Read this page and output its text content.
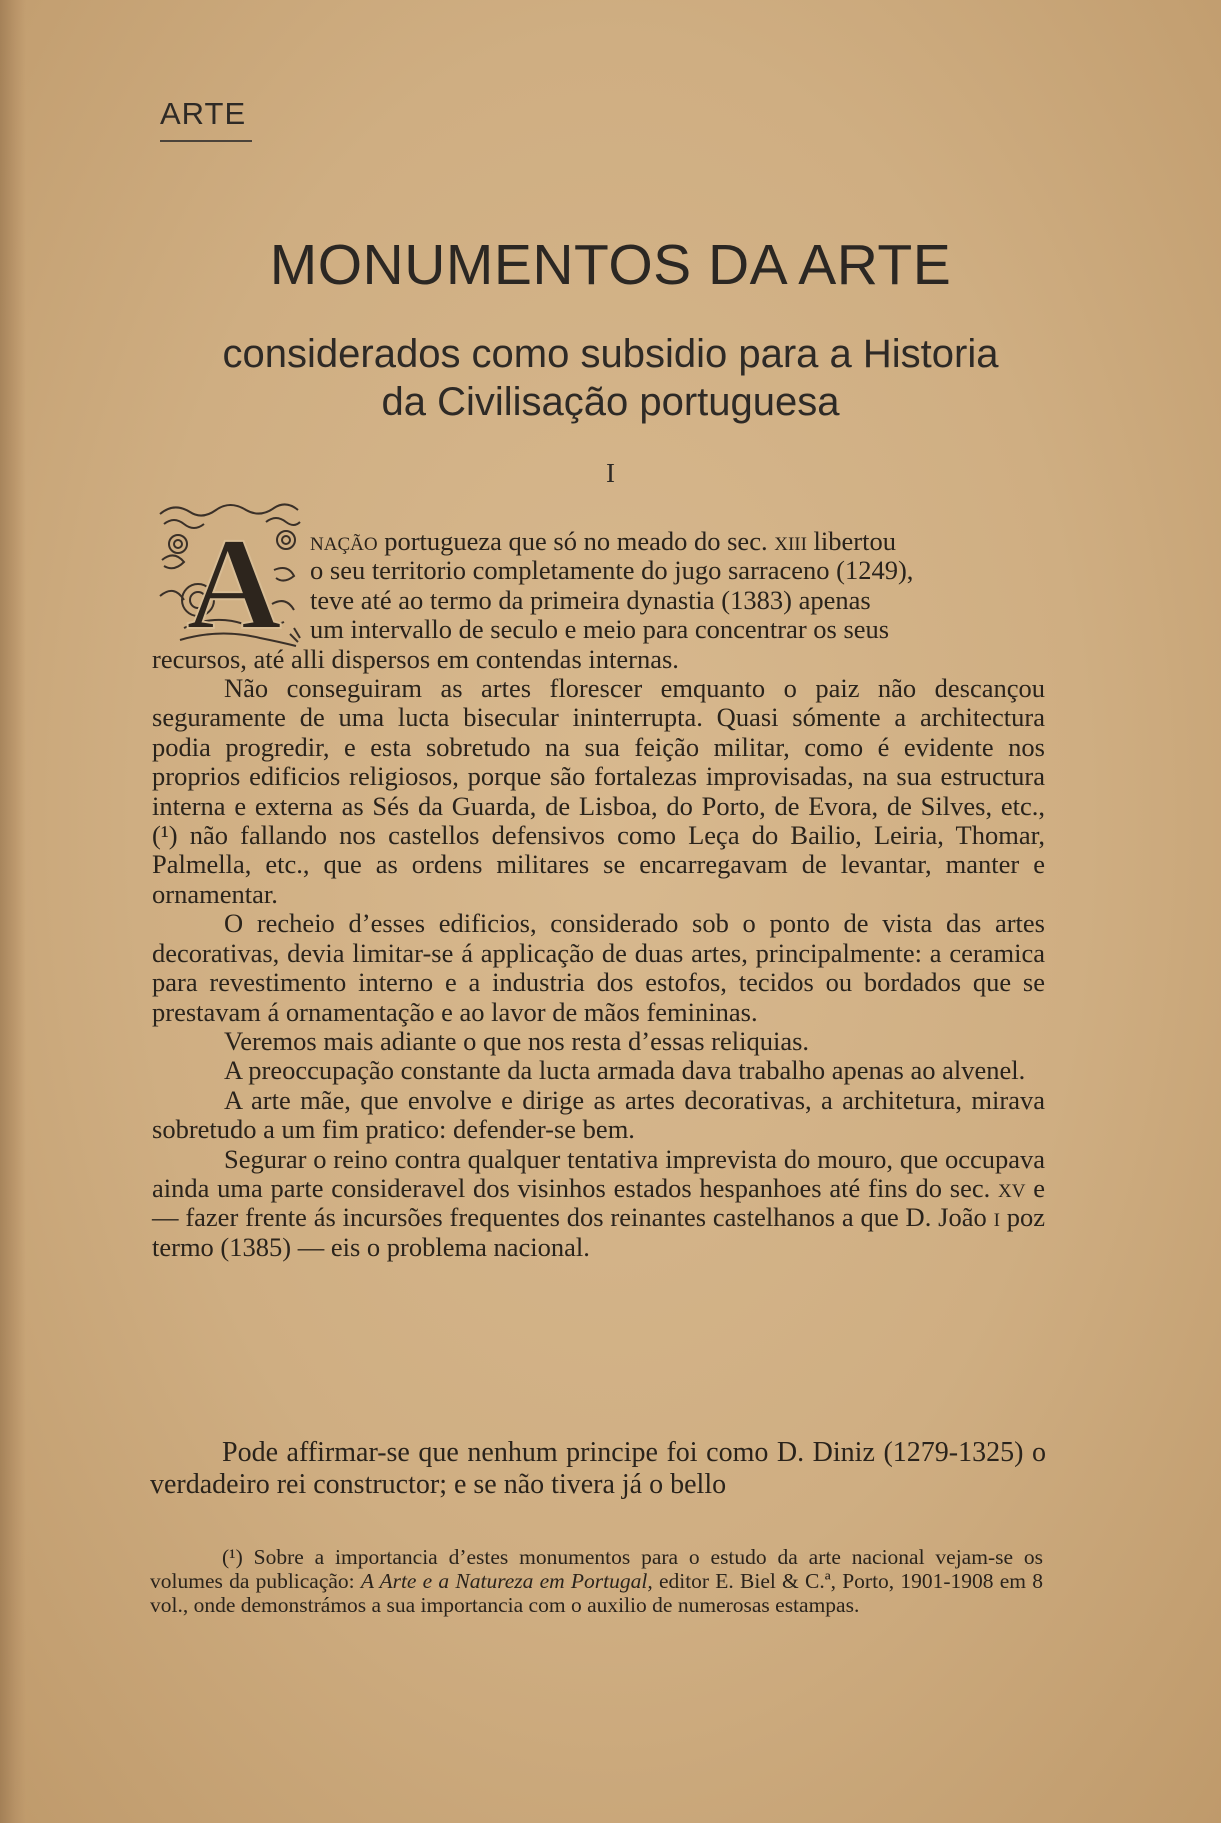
ARTE
MONUMENTOS DA ARTE
considerados como subsidio para a Historia
da Civilisação portuguesa
I
A	nação portugueza que só no meado do sec. xiii libertou
o seu territorio completamente do jugo sarraceno (1249),
teve até ao termo da primeira dynastia (1383) apenas
um intervallo de seculo e meio para concentrar os seus
recursos, até alli dispersos em contendas internas.

Não conseguiram as artes florescer emquanto o paiz não descançou seguramente de uma lucta bisecular ininterrupta. Quasi sómente a architectura podia progredir, e esta sobretudo na sua feição militar, como é evidente nos proprios edificios religiosos, porque são fortalezas improvisadas, na sua estructura interna e externa as Sés da Guarda, de Lisboa, do Porto, de Evora, de Silves, etc., (¹) não fallando nos castellos defensivos como Leça do Bailio, Leiria, Thomar, Palmella, etc., que as ordens militares se encarregavam de levantar, manter e ornamentar.

O recheio d’esses edificios, considerado sob o ponto de vista das artes decorativas, devia limitar-se á applicação de duas artes, principalmente: a ceramica para revestimento interno e a industria dos estofos, tecidos ou bordados que se prestavam á ornamentação e ao lavor de mãos femininas.

Veremos mais adiante o que nos resta d’essas reliquias.

A preoccupação constante da lucta armada dava trabalho apenas ao alvenel.

A arte mãe, que envolve e dirige as artes decorativas, a architetura, mirava sobretudo a um fim pratico: defender-se bem.

Segurar o reino contra qualquer tentativa imprevista do mouro, que occupava ainda uma parte consideravel dos visinhos estados hespanhoes até fins do sec. xv e — fazer frente ás incursões frequentes dos reinantes castelhanos a que D. João i poz termo (1385) — eis o problema nacional.

Pode affirmar-se que nenhum principe foi como D. Diniz (1279-1325) o verdadeiro rei constructor; e se não tivera já o bello
(¹) Sobre a importancia d’estes monumentos para o estudo da arte nacional vejam-se os volumes da publicação: A Arte e a Natureza em Portugal, editor E. Biel & C.ª, Porto, 1901-1908 em 8 vol., onde demonstrámos a sua importancia com o auxilio de numerosas estampas.
